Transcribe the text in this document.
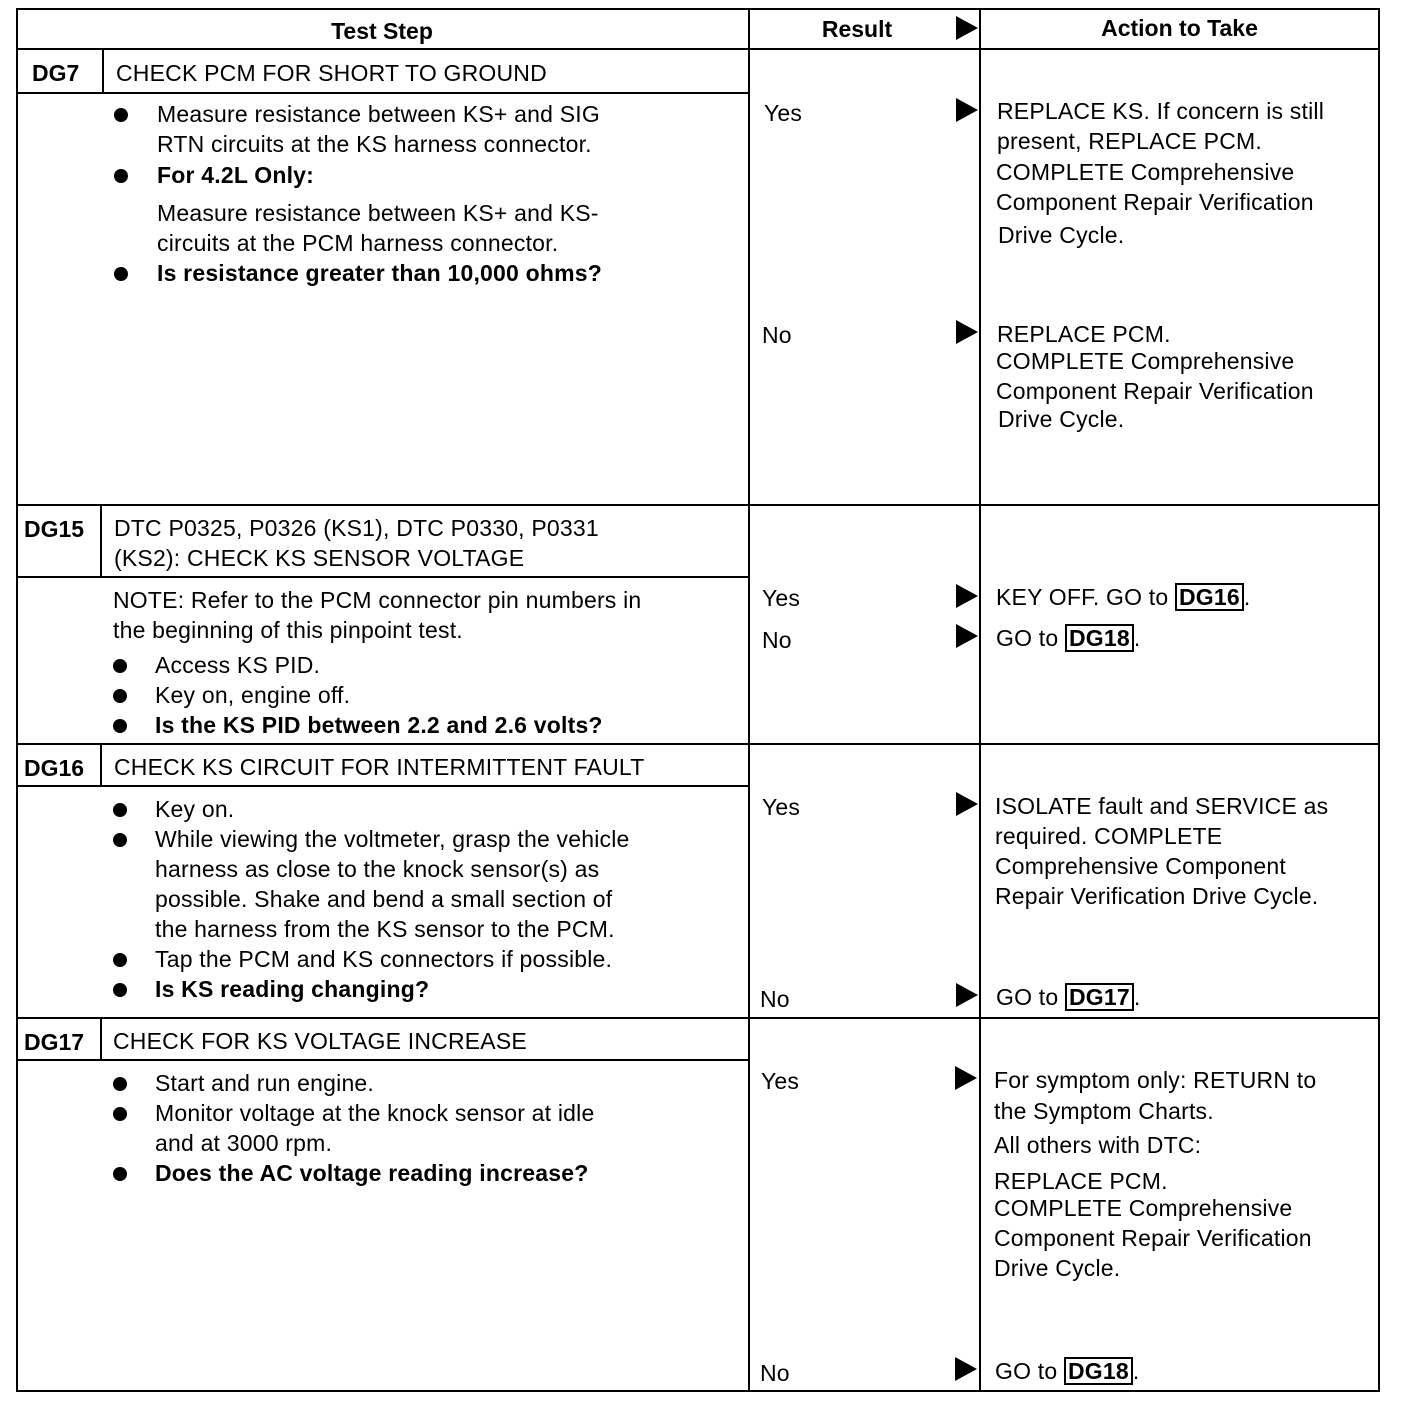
Test Step	Result	Action to Take
DG7 CHECK PCM FOR SHORT TO GROUND
Measure resistance between KS+ and SIG
RTN circuits at the KS harness connector.
For 4.2L Only:
Measure resistance between KS+ and KS-
circuits at the PCM harness connector.
Is resistance greater than 10,000 ohms?
Yes	REPLACE KS. If concern is still
present, REPLACE PCM.
COMPLETE Comprehensive
Component Repair Verification
Drive Cycle.
No	REPLACE PCM.
COMPLETE Comprehensive
Component Repair Verification
Drive Cycle.
DG15 DTC P0325, P0326 (KS1), DTC P0330, P0331
(KS2): CHECK KS SENSOR VOLTAGE
NOTE: Refer to the PCM connector pin numbers in
the beginning of this pinpoint test.
Access KS PID.
Key on, engine off.
Is the KS PID between 2.2 and 2.6 volts?
Yes	KEY OFF. GO to DG16 .
No	GO to DG18 .
DG16 CHECK KS CIRCUIT FOR INTERMITTENT FAULT
Key on.
While viewing the voltmeter, grasp the vehicle
harness as close to the knock sensor(s) as
possible. Shake and bend a small section of
the harness from the KS sensor to the PCM.
Tap the PCM and KS connectors if possible.
Is KS reading changing?
Yes	ISOLATE fault and SERVICE as
required. COMPLETE
Comprehensive Component
Repair Verification Drive Cycle.
No	GO to DG17 .
DG17 CHECK FOR KS VOLTAGE INCREASE
Start and run engine.
Monitor voltage at the knock sensor at idle
and at 3000 rpm.
Does the AC voltage reading increase?
Yes	For symptom only: RETURN to
the Symptom Charts.
All others with DTC:
REPLACE PCM.
COMPLETE Comprehensive
Component Repair Verification
Drive Cycle.
No	GO to DG18 .
